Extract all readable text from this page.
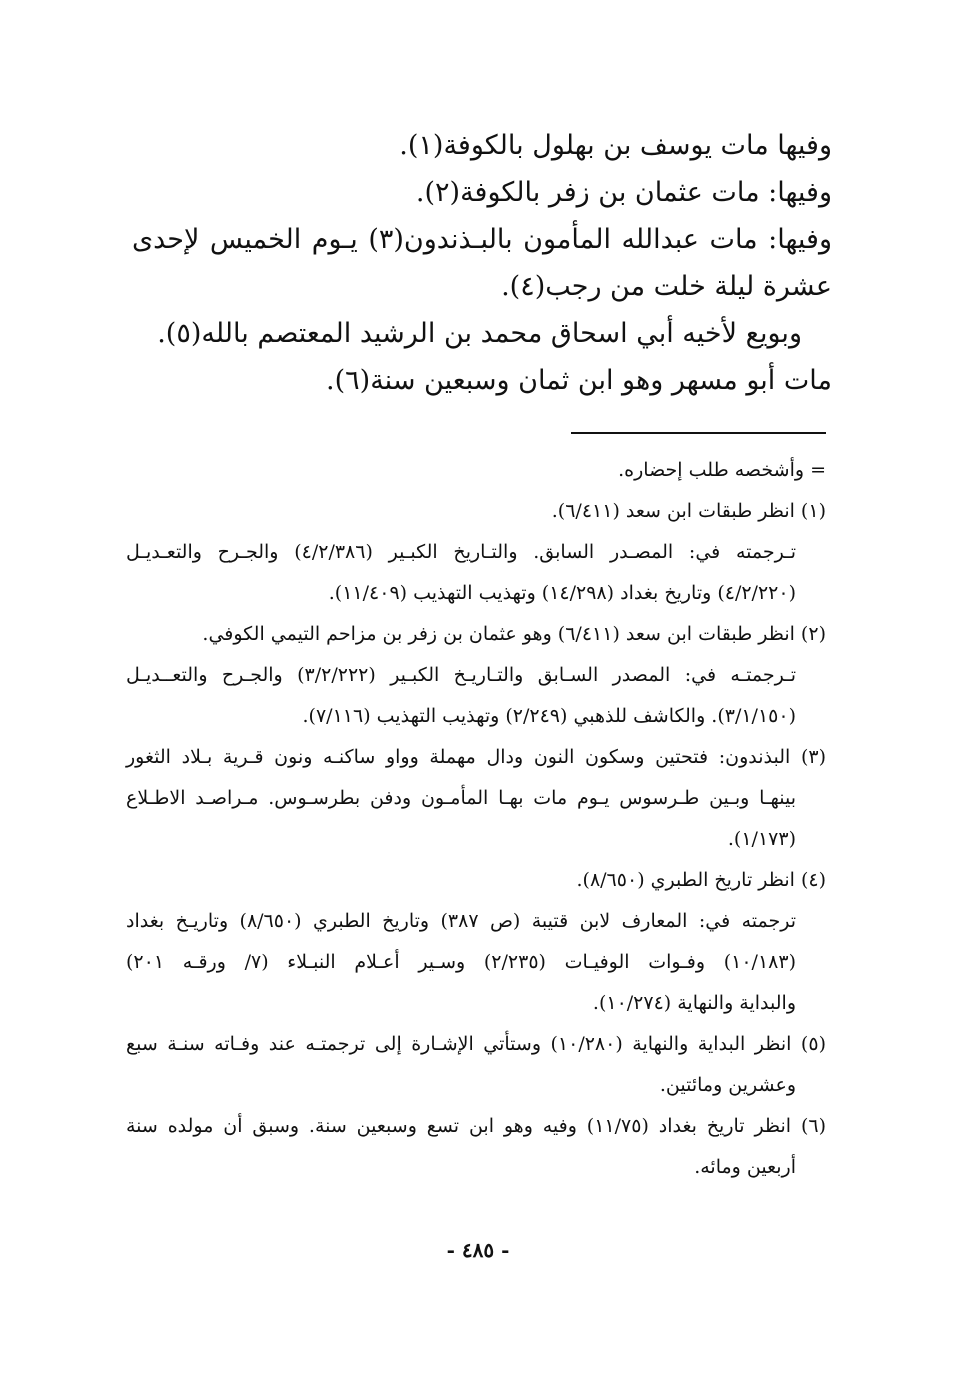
وفيها مات يوسف بن بهلول بالكوفة(١).

وفيها: مات عثمان بن زفر بالكوفة(٢).

وفيها: مات عبدالله المأمون بالبـذندون(٣) يـوم الخميس لإحدى

عشرة ليلة خلت من رجب(٤).

وبويع لأخيه أبي اسحاق محمد بن الرشيد المعتصم بالله(٥).

مات أبو مسهر وهو ابن ثمان وسبعين سنة(٦).

= وأشخصه طلب إحضاره.

(١) انظر طبقات ابن سعد (٦/٤١١).

تـرجمته في: المصـدر السابق. والتـاريخ الكبـير (٤/٢/٣٨٦) والجـرح والتعـديـل

(٤/٢/٢٢٠) وتاريخ بغداد (١٤/٢٩٨) وتهذيب التهذيب (١١/٤٠٩).

(٢) انظر طبقات ابن سعد (٦/٤١١) وهو عثمان بن زفر بن مزاحم التيمي الكوفي.

تـرجمتـه في: المصدر السـابق والتـاريـخ الكبـير (٣/٢/٢٢٢) والجـرح والتعــديـل

(٣/١/١٥٠). والكاشف للذهبي (٢/٢٤٩) وتهذيب التهذيب (٧/١١٦).

(٣) البذندون: فتحتين وسكون النون ودال مهملة وواو ساكنـه ونون قـرية بـلاد الثغور

بينهـا وبـين طـرسوس يـوم مات بهـا المأمـون ودفن بطرسـوس. مـراصـد الاطـلاع

(١/١٧٣).

(٤) انظر تاريخ الطبري (٨/٦٥٠).

ترجمته في: المعارف لابن قتيبة (ص ٣٨٧) وتاريخ الطبري (٨/٦٥٠) وتاريـخ بغداد

(١٠/١٨٣) وفـوات الوفيـات (٢/٢٣٥) وسـير أعـلام النبـلاء (٧/ ورقـه ٢٠١)

والبداية والنهاية (١٠/٢٧٤).

(٥) انظر البداية والنهاية (١٠/٢٨٠) وستأتي الإشـارة إلى ترجمتـه عند وفـاته سنـة سبع

وعشرين ومائتين.

(٦) انظر تاريخ بغداد (١١/٧٥) وفيه وهو ابن تسع وسبعين سنة. وسبق أن مولده سنة

أربعين ومائه.

- ٤٨٥ -
